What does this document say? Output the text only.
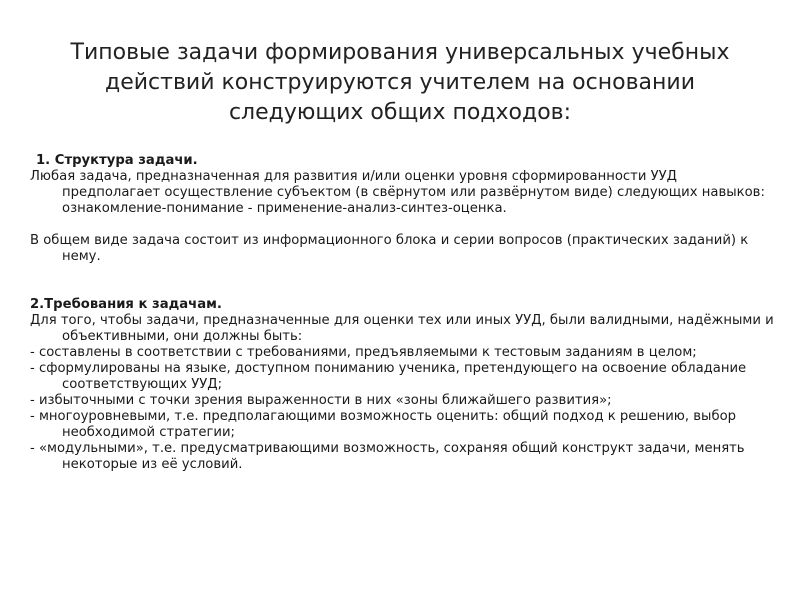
Типовые задачи формирования универсальных учебных
действий конструируются учителем на основании
следующих общих подходов:
1. Структура задачи.
Любая задача, предназначенная для развития и/или оценки уровня сформированности УУД предполагает осуществление субъектом (в свёрнутом или развёрнутом виде) следующих навыков: ознакомление-понимание - применение-анализ-синтез-оценка.
В общем виде задача состоит из информационного блока и серии вопросов (практических заданий) к нему.
2.Требования к задачам.
Для того, чтобы задачи, предназначенные для оценки тех или иных УУД, были валидными, надёжными и объективными, они должны быть:
- составлены в соответствии с требованиями, предъявляемыми к тестовым заданиям в целом;
- сформулированы на языке, доступном пониманию ученика, претендующего на освоение обладание соответствующих УУД;
- избыточными с точки зрения выраженности в них «зоны ближайшего развития»;
- многоуровневыми, т.е. предполагающими возможность оценить: общий подход к решению, выбор необходимой стратегии;
- «модульными», т.е. предусматривающими возможность, сохраняя общий конструкт задачи, менять некоторые из её условий.
